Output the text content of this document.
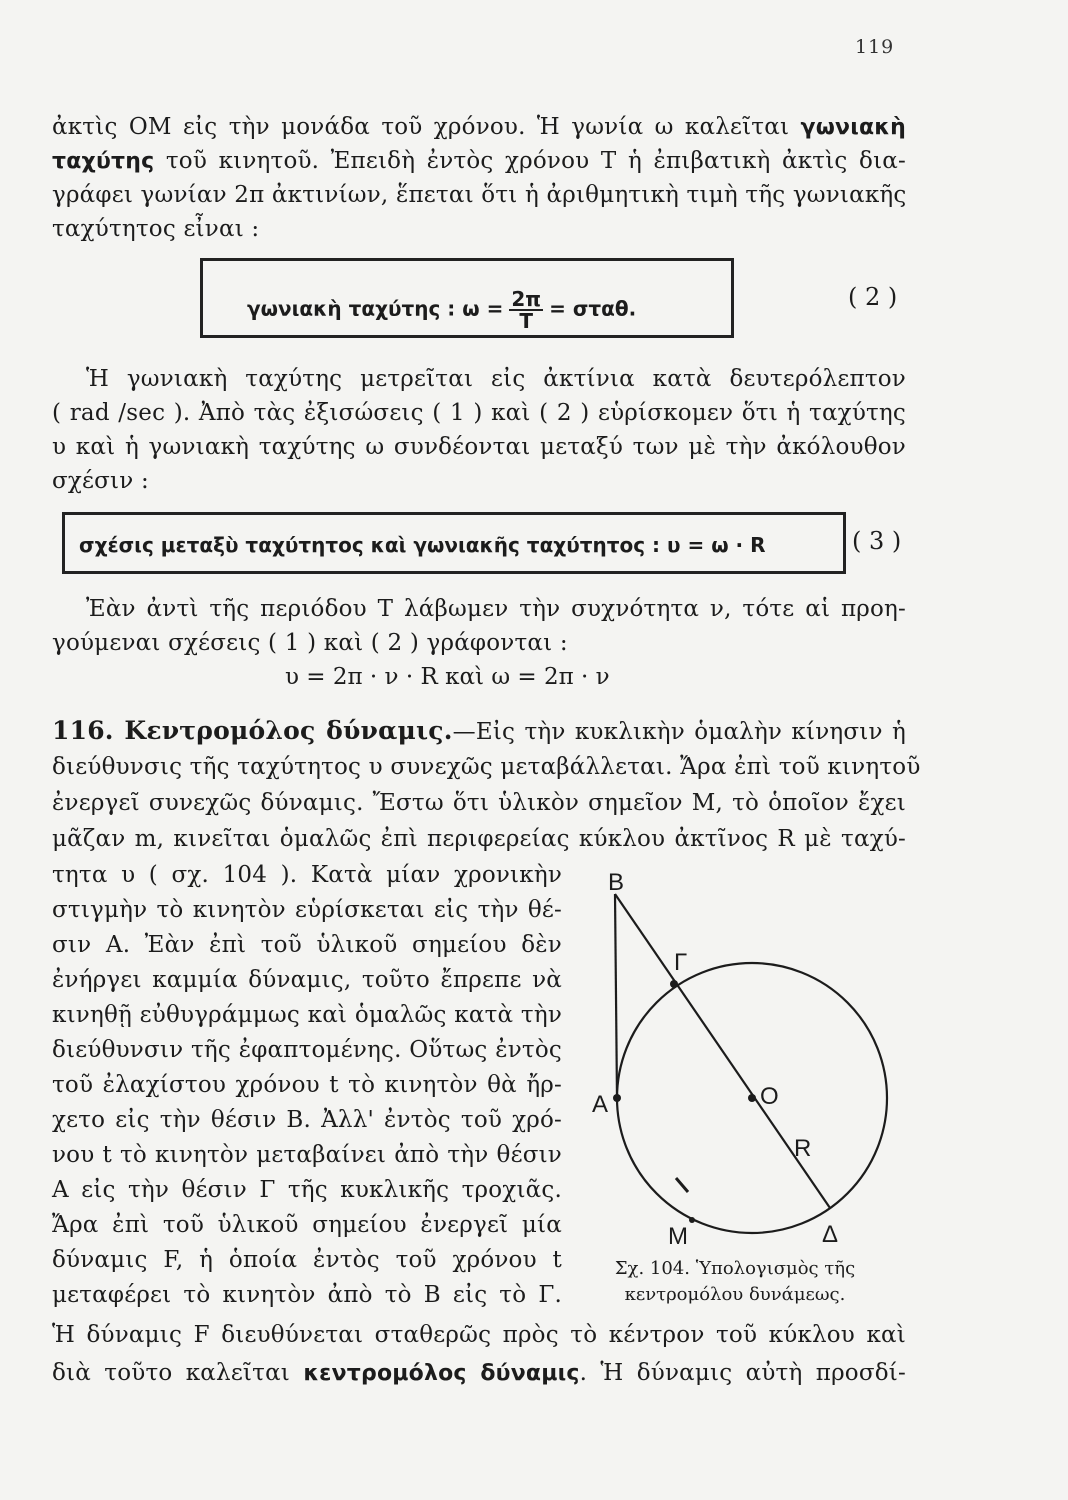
119
ἀκτὶς OM εἰς τὴν μονάδα τοῦ χρόνου. Ἡ γωνία ω καλεῖται γωνιακὴ
ταχύτης τοῦ κινητοῦ. Ἐπειδὴ ἐντὸς χρόνου T ἡ ἐπιβατικὴ ἀκτὶς δια-
γράφει γωνίαν 2π ἀκτινίων, ἕπεται ὅτι ἡ ἀριθμητικὴ τιμὴ τῆς γωνιακῆς
ταχύτητος εἶναι :
γωνιακὴ ταχύτης : $\omega = \frac{2\pi}{T} = \sigma\tau\alpha\theta$.	( 2 )
Ἡ γωνιακὴ ταχύτης μετρεῖται εἰς ἀκτίνια κατὰ δευτερόλεπτον
( rad /sec ). Ἀπὸ τὰς ἐξισώσεις ( 1 ) καὶ ( 2 ) εὑρίσκομεν ὅτι ἡ ταχύτης
υ καὶ ἡ γωνιακὴ ταχύτης ω συνδέονται μεταξύ των μὲ τὴν ἀκόλουθον
σχέσιν :
σχέσις μεταξὺ ταχύτητος καὶ γωνιακῆς ταχύτητος : υ = ω · R	( 3 )
Ἐὰν ἀντὶ τῆς περιόδου T λάβωμεν τὴν συχνότητα ν, τότε αἱ προη-
γούμεναι σχέσεις ( 1 ) καὶ ( 2 ) γράφονται :
υ = 2π · ν · R καὶ ω = 2π · ν
116. Κεντρομόλος δύναμις.—Εἰς τὴν κυκλικὴν ὁμαλὴν κίνησιν ἡ
διεύθυνσις τῆς ταχύτητος υ συνεχῶς μεταβάλλεται. Ἄρα ἐπὶ τοῦ κινητοῦ
ἐνεργεῖ συνεχῶς δύναμις. Ἔστω ὅτι ὑλικὸν σημεῖον M, τὸ ὁποῖον ἔχει
μᾶζαν m, κινεῖται ὁμαλῶς ἐπὶ περιφερείας κύκλου ἀκτῖνος R μὲ ταχύ-
τητα υ ( σχ. 104 ). Κατὰ μίαν χρονικὴν
στιγμὴν τὸ κινητὸν εὑρίσκεται εἰς τὴν θέ-
σιν A. Ἐὰν ἐπὶ τοῦ ὑλικοῦ σημείου δὲν
ἐνήργει καμμία δύναμις, τοῦτο ἔπρεπε νὰ
κινηθῇ εὐθυγράμμως καὶ ὁμαλῶς κατὰ τὴν
διεύθυνσιν τῆς ἐφαπτομένης. Οὕτως ἐντὸς
τοῦ ἐλαχίστου χρόνου t τὸ κινητὸν θὰ ἤρ-
χετο εἰς τὴν θέσιν B. Ἀλλ' ἐντὸς τοῦ χρό-
νου t τὸ κινητὸν μεταβαίνει ἀπὸ τὴν θέσιν
A εἰς τὴν θέσιν Γ τῆς κυκλικῆς τροχιᾶς.
Ἄρα ἐπὶ τοῦ ὑλικοῦ σημείου ἐνεργεῖ μία
δύναμις F, ἡ ὁποία ἐντὸς τοῦ χρόνου t
μεταφέρει τὸ κινητὸν ἀπὸ τὸ B εἰς τὸ Γ.
Ἡ δύναμις F διευθύνεται σταθερῶς πρὸς τὸ κέντρον τοῦ κύκλου καὶ
διὰ τοῦτο καλεῖται κεντρομόλος δύναμις. Ἡ δύναμις αὐτὴ προσδί-
B
Γ
A	O
R
M	Δ
Σχ. 104. Ὑπολογισμὸς τῆς
κεντρομόλου δυνάμεως.
